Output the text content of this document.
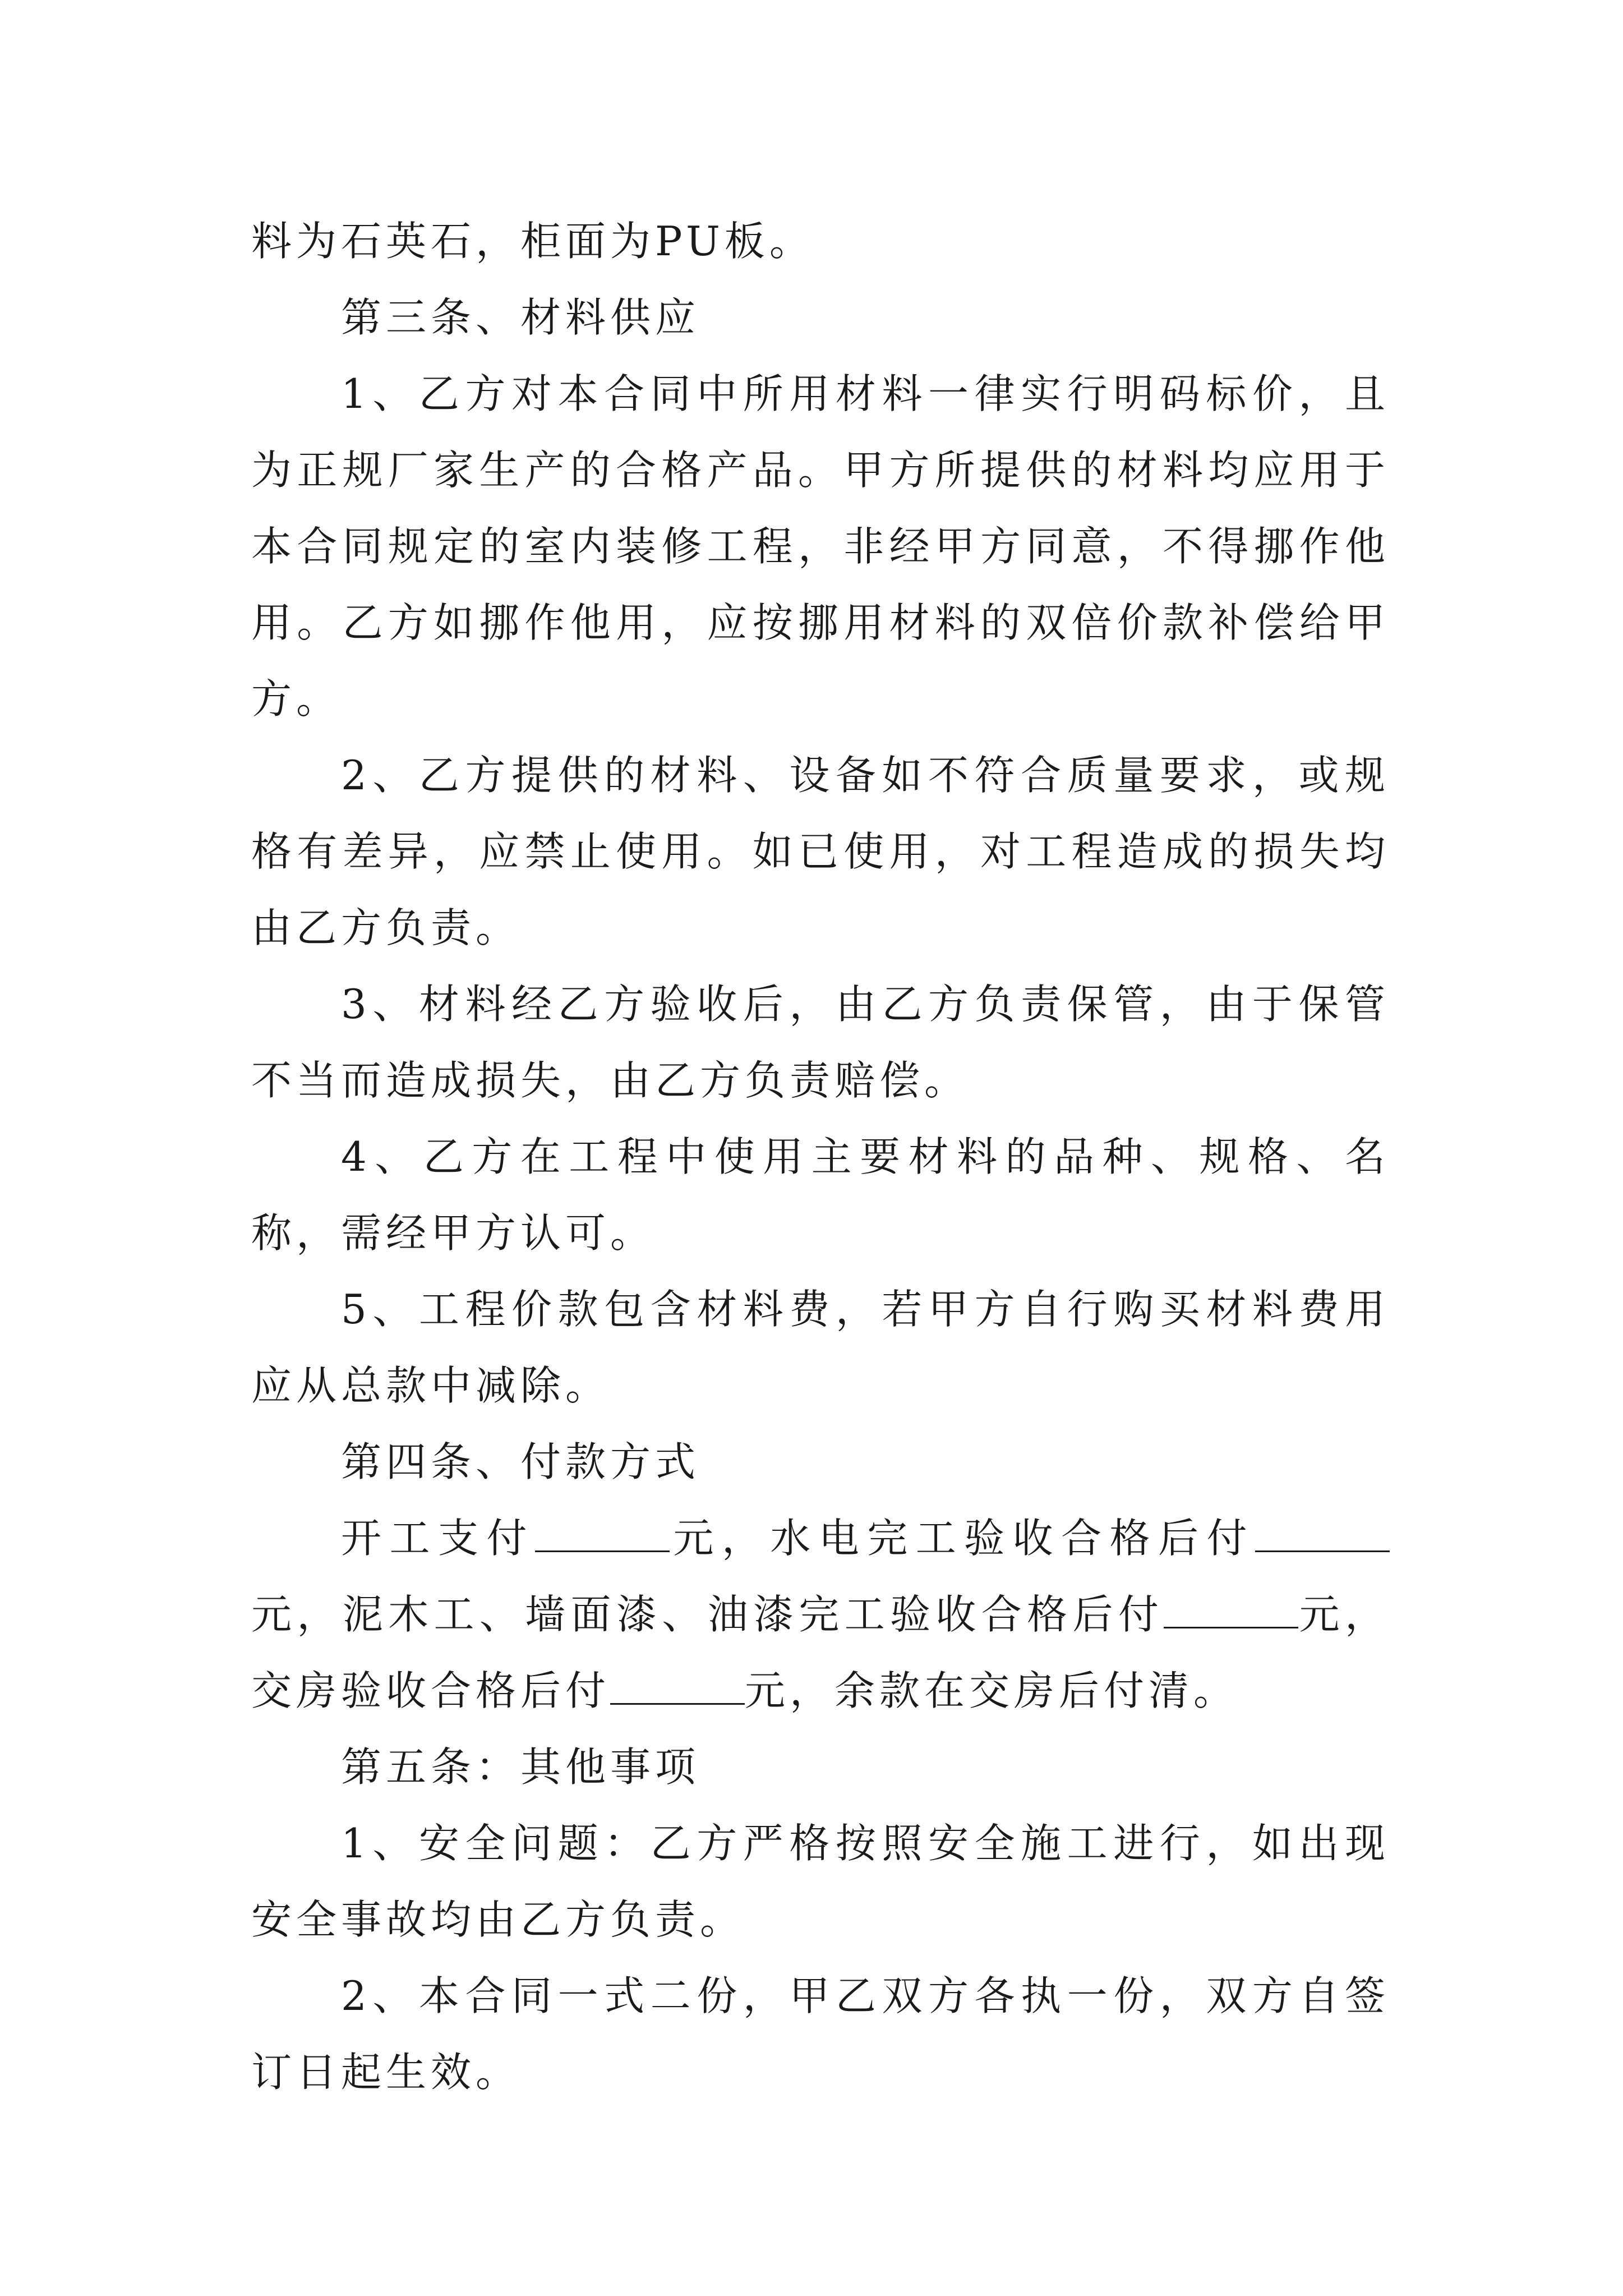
料为石英石，柜面为PU板。

第三条、材料供应

1、乙方对本合同中所用材料一律实行明码标价，且为正规厂家生产的合格产品。甲方所提供的材料均应用于本合同规定的室内装修工程，非经甲方同意，不得挪作他用。乙方如挪作他用，应按挪用材料的双倍价款补偿给甲方。

2、乙方提供的材料、设备如不符合质量要求，或规格有差异，应禁止使用。如已使用，对工程造成的损失均由乙方负责。

3、材料经乙方验收后，由乙方负责保管，由于保管不当而造成损失，由乙方负责赔偿。

4、乙方在工程中使用主要材料的品种、规格、名称，需经甲方认可。

5、工程价款包含材料费，若甲方自行购买材料费用应从总款中减除。

第四条、付款方式

开工支付	元，水电完工验收合格后付元，泥木工、墙面漆、油漆完工验收合格后付	元，交房验收合格后付	元，余款在交房后付清。

第五条：其他事项

1、安全问题：乙方严格按照安全施工进行，如出现安全事故均由乙方负责。

2、本合同一式二份，甲乙双方各执一份，双方自签订日起生效。
